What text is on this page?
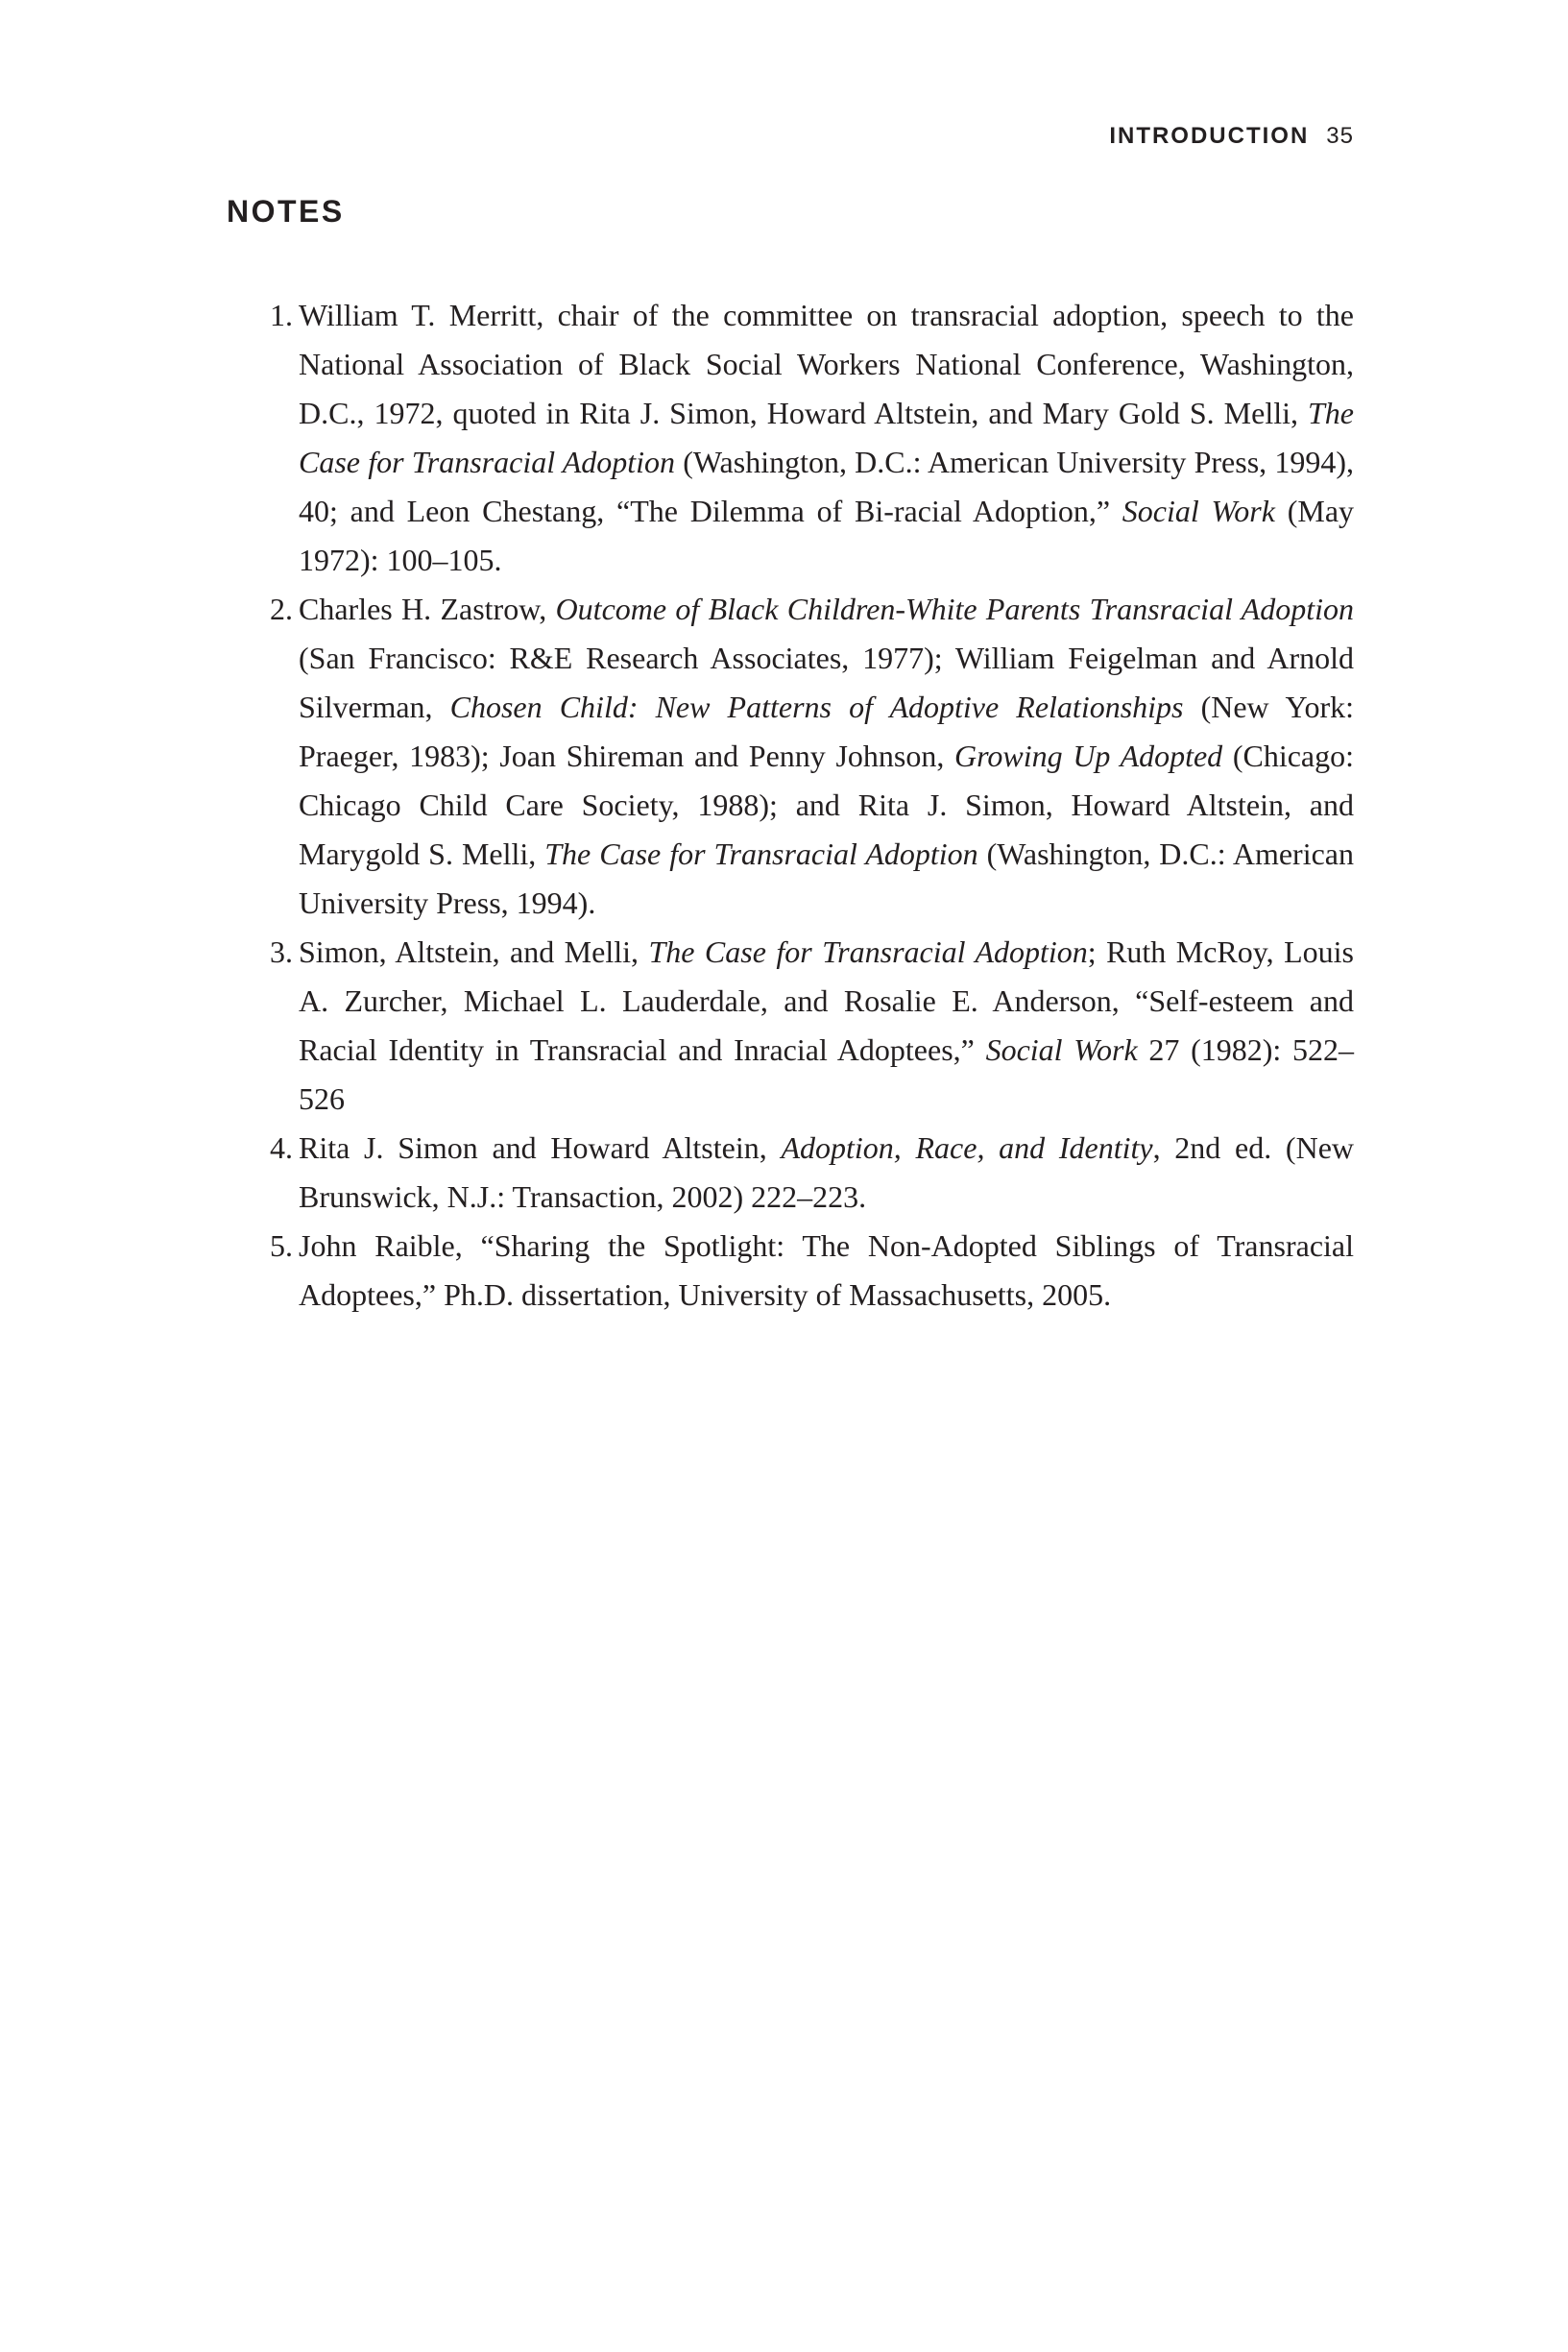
INTRODUCTION 35
NOTES
1. William T. Merritt, chair of the committee on transracial adoption, speech to the National Association of Black Social Workers National Conference, Washington, D.C., 1972, quoted in Rita J. Simon, Howard Altstein, and Mary Gold S. Melli, The Case for Transracial Adoption (Washington, D.C.: American University Press, 1994), 40; and Leon Chestang, “The Dilemma of Bi-racial Adoption,” Social Work (May 1972): 100–105.
2. Charles H. Zastrow, Outcome of Black Children-White Parents Transracial Adoption (San Francisco: R&E Research Associates, 1977); William Feigelman and Arnold Silverman, Chosen Child: New Patterns of Adoptive Relationships (New York: Praeger, 1983); Joan Shireman and Penny Johnson, Growing Up Adopted (Chicago: Chicago Child Care Society, 1988); and Rita J. Simon, Howard Altstein, and Marygold S. Melli, The Case for Transracial Adoption (Washington, D.C.: American University Press, 1994).
3. Simon, Altstein, and Melli, The Case for Transracial Adoption; Ruth McRoy, Louis A. Zurcher, Michael L. Lauderdale, and Rosalie E. Anderson, “Self-esteem and Racial Identity in Transracial and Inracial Adoptees,” Social Work 27 (1982): 522–526
4. Rita J. Simon and Howard Altstein, Adoption, Race, and Identity, 2nd ed. (New Brunswick, N.J.: Transaction, 2002) 222–223.
5. John Raible, “Sharing the Spotlight: The Non-Adopted Siblings of Transracial Adoptees,” Ph.D. dissertation, University of Massachusetts, 2005.
